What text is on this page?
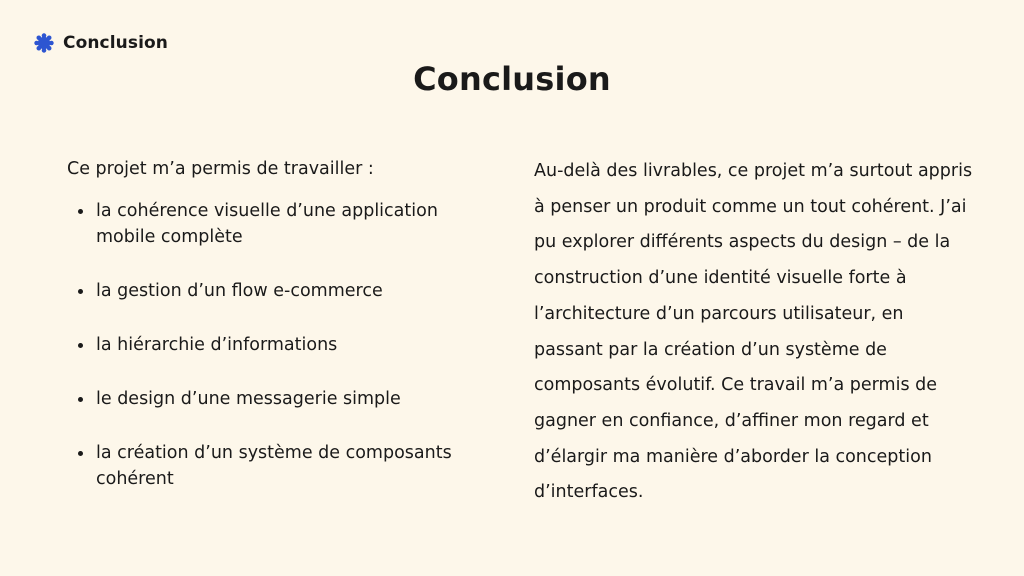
Conclusion
Conclusion

Ce projet m’a permis de travailler :

la cohérence visuelle d’une application mobile complète
la gestion d’un flow e-commerce
la hiérarchie d’informations
le design d’une messagerie simple
la création d’un système de composants cohérent

Au-delà des livrables, ce projet m’a surtout appris à penser un produit comme un tout cohérent. J’ai pu explorer différents aspects du design – de la construction d’une identité visuelle forte à l’architecture d’un parcours utilisateur, en passant par la création d’un système de composants évolutif. Ce travail m’a permis de gagner en confiance, d’affiner mon regard et d’élargir ma manière d’aborder la conception d’interfaces.
